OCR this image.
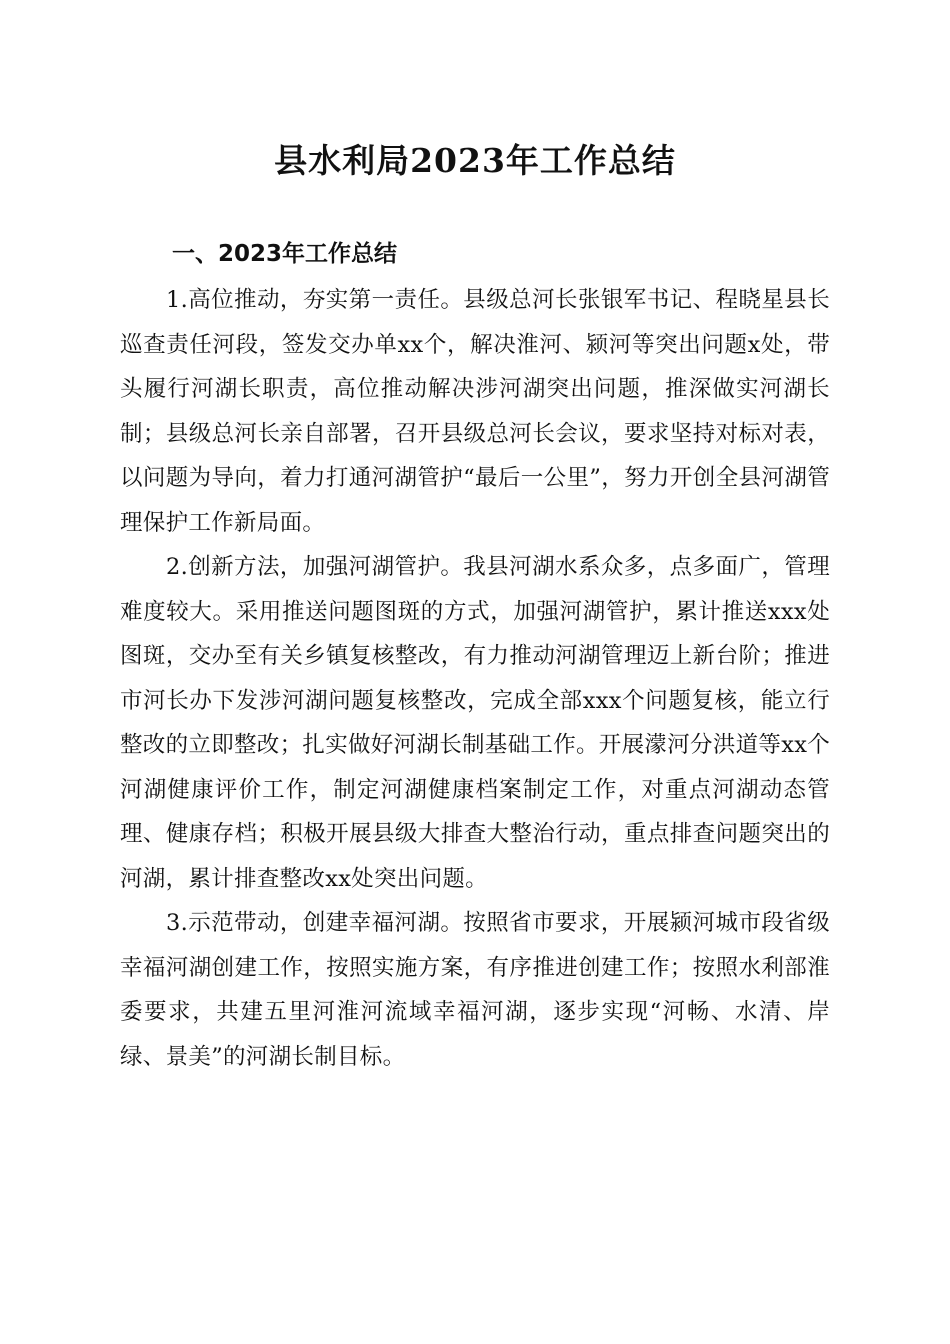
县水利局2023年工作总结
一、2023年工作总结

1.高位推动，夯实第一责任。县级总河长张银军书记、程晓星县长巡查责任河段，签发交办单xx个，解决淮河、颍河等突出问题x处，带头履行河湖长职责，高位推动解决涉河湖突出问题，推深做实河湖长制；县级总河长亲自部署，召开县级总河长会议，要求坚持对标对表，以问题为导向，着力打通河湖管护“最后一公里”，努力开创全县河湖管理保护工作新局面。

2.创新方法，加强河湖管护。我县河湖水系众多，点多面广，管理难度较大。采用推送问题图斑的方式，加强河湖管护，累计推送xxx处图斑，交办至有关乡镇复核整改，有力推动河湖管理迈上新台阶；推进市河长办下发涉河湖问题复核整改，完成全部xxx个问题复核，能立行整改的立即整改；扎实做好河湖长制基础工作。开展濛河分洪道等xx个河湖健康评价工作，制定河湖健康档案制定工作，对重点河湖动态管理、健康存档；积极开展县级大排查大整治行动，重点排查问题突出的河湖，累计排查整改xx处突出问题。

3.示范带动，创建幸福河湖。按照省市要求，开展颍河城市段省级幸福河湖创建工作，按照实施方案，有序推进创建工作；按照水利部淮委要求，共建五里河淮河流域幸福河湖，逐步实现“河畅、水清、岸绿、景美”的河湖长制目标。
